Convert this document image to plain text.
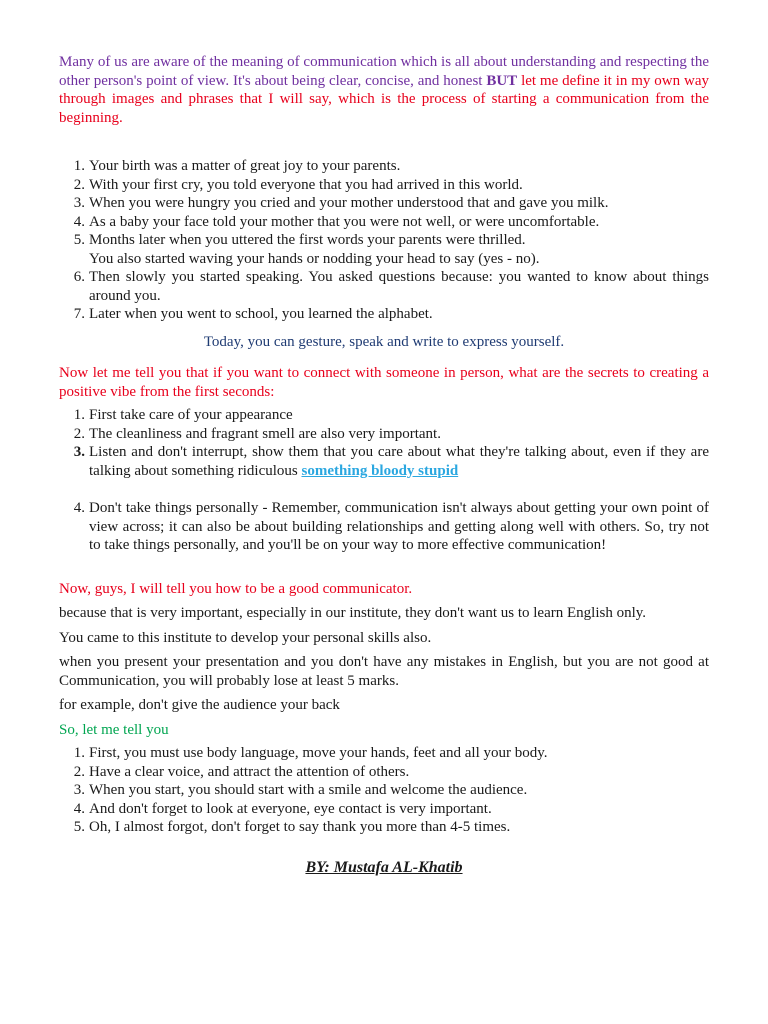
Many of us are aware of the meaning of communication which is all about understanding and respecting the other person's point of view. It's about being clear, concise, and honest BUT let me define it in my own way through images and phrases that I will say, which is the process of starting a communication from the beginning.

1. Your birth was a matter of great joy to your parents.
2. With your first cry, you told everyone that you had arrived in this world.
3. When you were hungry you cried and your mother understood that and gave you milk.
4. As a baby your face told your mother that you were not well, or were uncomfortable.
5. Months later when you uttered the first words your parents were thrilled.
You also started waving your hands or nodding your head to say (yes - no).
6. Then slowly you started speaking. You asked questions because: you wanted to know about things around you.
7. Later when you went to school, you learned the alphabet.

Today, you can gesture, speak and write to express yourself.

Now let me tell you that if you want to connect with someone in person, what are the secrets to creating a positive vibe from the first seconds:

1. First take care of your appearance
2. The cleanliness and fragrant smell are also very important.
3. Listen and don't interrupt, show them that you care about what they're talking about, even if they are talking about something ridiculous something bloody stupid
4. Don't take things personally - Remember, communication isn't always about getting your own point of view across; it can also be about building relationships and getting along well with others. So, try not to take things personally, and you'll be on your way to more effective communication!

Now, guys, I will tell you how to be a good communicator.

because that is very important, especially in our institute, they don't want us to learn English only.

You came to this institute to develop your personal skills also.

when you present your presentation and you don't have any mistakes in English, but you are not good at Communication, you will probably lose at least 5 marks.

for example, don't give the audience your back

So, let me tell you

1. First, you must use body language, move your hands, feet and all your body.
2. Have a clear voice, and attract the attention of others.
3. When you start, you should start with a smile and welcome the audience.
4. And don't forget to look at everyone, eye contact is very important.
5. Oh, I almost forgot, don't forget to say thank you more than 4-5 times.

BY: Mustafa AL-Khatib
